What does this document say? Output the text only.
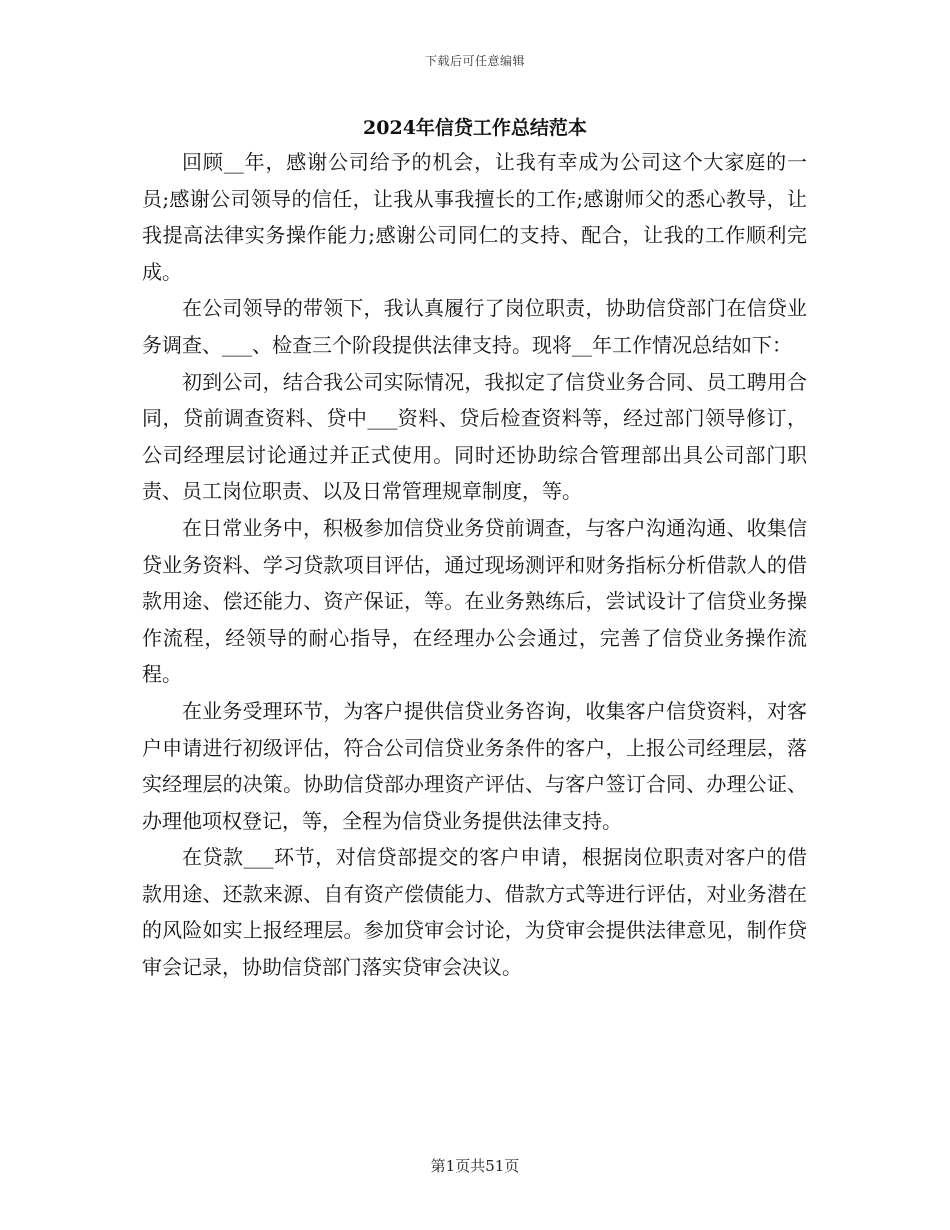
下载后可任意编辑
2024年信贷工作总结范本

回顾__年，感谢公司给予的机会，让我有幸成为公司这个大家庭的一员;感谢公司领导的信任，让我从事我擅长的工作;感谢师父的悉心教导，让我提高法律实务操作能力;感谢公司同仁的支持、配合，让我的工作顺利完成。

在公司领导的带领下，我认真履行了岗位职责，协助信贷部门在信贷业务调查、___、检查三个阶段提供法律支持。现将__年工作情况总结如下：

初到公司，结合我公司实际情况，我拟定了信贷业务合同、员工聘用合同，贷前调查资料、贷中___资料、贷后检查资料等，经过部门领导修订，公司经理层讨论通过并正式使用。同时还协助综合管理部出具公司部门职责、员工岗位职责、以及日常管理规章制度，等。

在日常业务中，积极参加信贷业务贷前调查，与客户沟通沟通、收集信贷业务资料、学习贷款项目评估，通过现场测评和财务指标分析借款人的借款用途、偿还能力、资产保证，等。在业务熟练后，尝试设计了信贷业务操作流程，经领导的耐心指导，在经理办公会通过，完善了信贷业务操作流程。

在业务受理环节，为客户提供信贷业务咨询，收集客户信贷资料，对客户申请进行初级评估，符合公司信贷业务条件的客户，上报公司经理层，落实经理层的决策。协助信贷部办理资产评估、与客户签订合同、办理公证、办理他项权登记，等，全程为信贷业务提供法律支持。

在贷款___环节，对信贷部提交的客户申请，根据岗位职责对客户的借款用途、还款来源、自有资产偿债能力、借款方式等进行评估，对业务潜在的风险如实上报经理层。参加贷审会讨论，为贷审会提供法律意见，制作贷审会记录，协助信贷部门落实贷审会决议。

第1页共51页
